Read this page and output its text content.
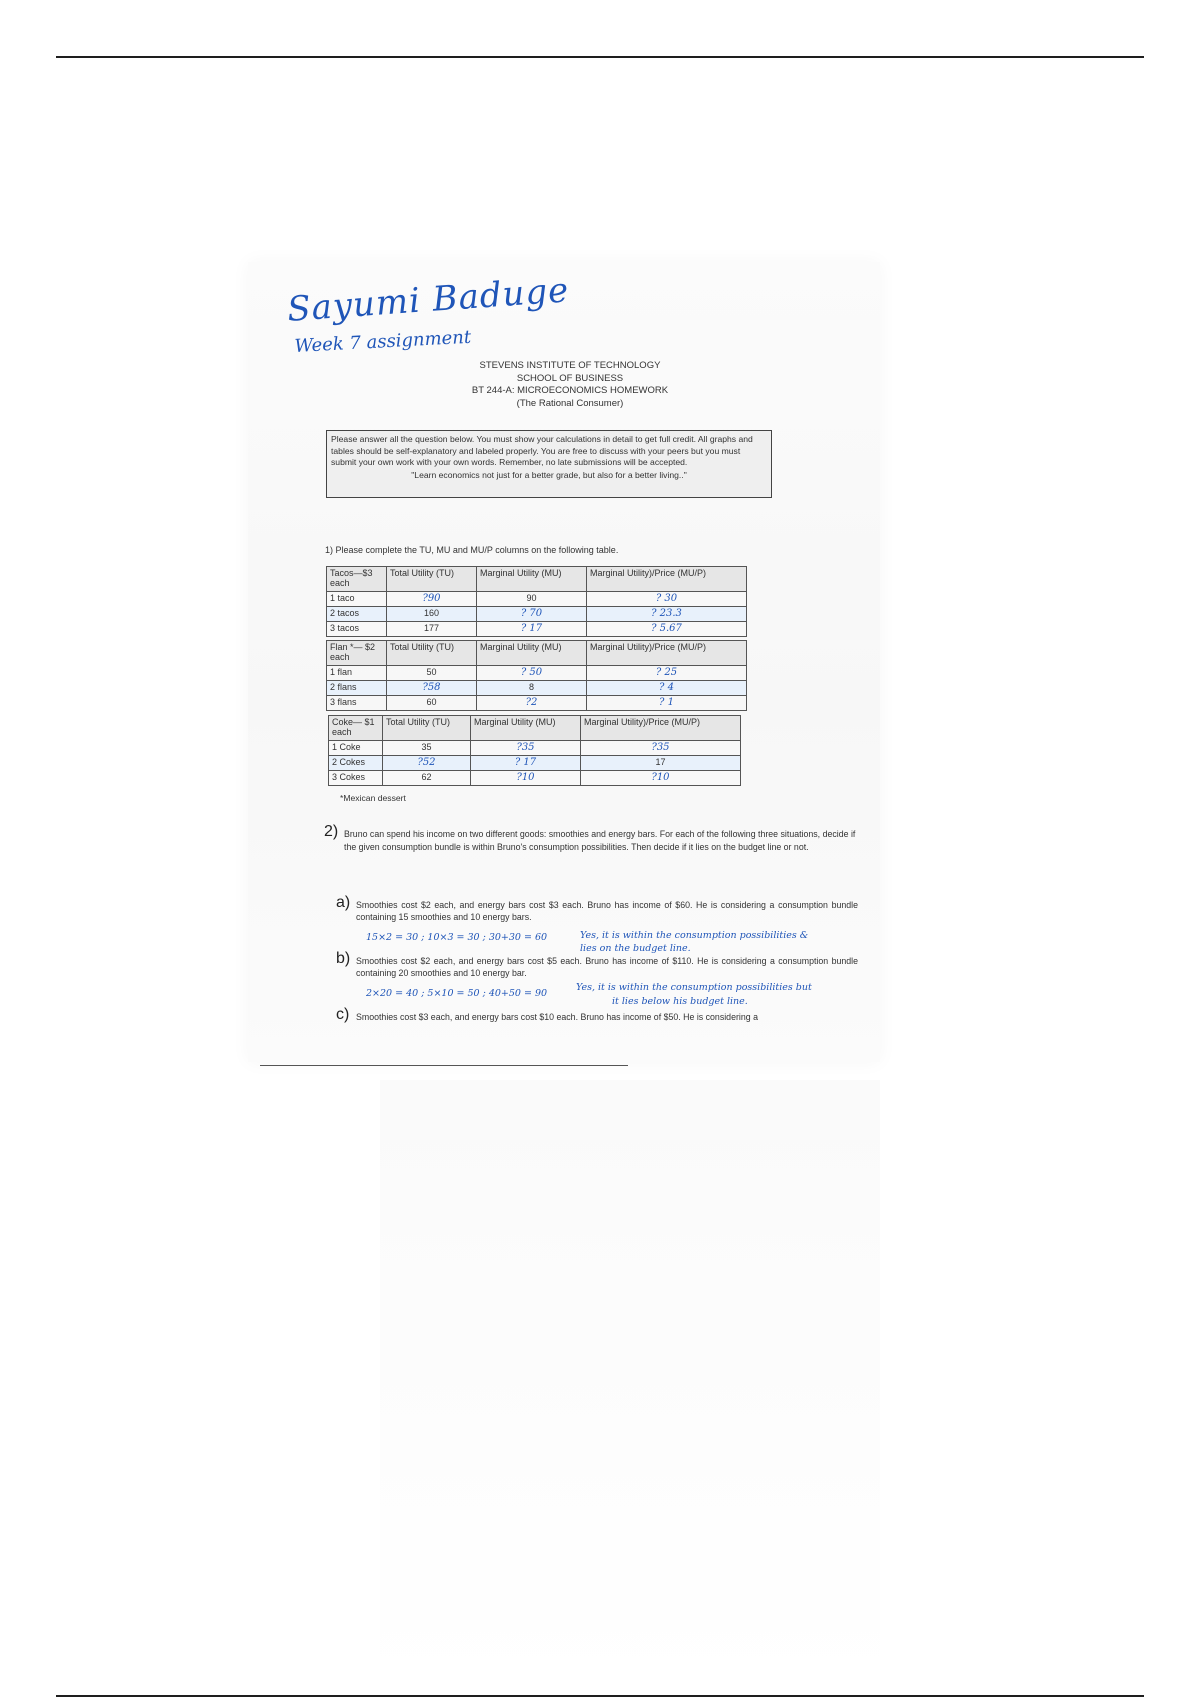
Sayumi Baduge
Week 7 assignment
STEVENS INSTITUTE OF TECHNOLOGY
SCHOOL OF BUSINESS
BT 244-A: MICROECONOMICS HOMEWORK
(The Rational Consumer)
Please answer all the question below. You must show your calculations in detail to get full credit. All graphs and tables should be self-explanatory and labeled properly. You are free to discuss with your peers but you must submit your own work with your own words. Remember, no late submissions will be accepted.
"Learn economics not just for a better grade, but also for a better living.."
1) Please complete the TU, MU and MU/P columns on the following table.
Tacos—$3 each	Total Utility (TU)	Marginal Utility (MU)	Marginal Utility)/Price (MU/P)
1 taco	?90	90	? 30
2 tacos	160	? 70	? 23.3
3 tacos	177	? 17	? 5.67
Flan *— $2 each	Total Utility (TU)	Marginal Utility (MU)	Marginal Utility)/Price (MU/P)
1 flan	50	? 50	? 25
2 flans	?58	8	? 4
3 flans	60	?2	? 1
Coke— $1 each	Total Utility (TU)	Marginal Utility (MU)	Marginal Utility)/Price (MU/P)
1 Coke	35	?35	?35
2 Cokes	?52	? 17	17
3 Cokes	62	?10	?10
*Mexican dessert
2) Bruno can spend his income on two different goods: smoothies and energy bars. For each of the following three situations, decide if the given consumption bundle is within Bruno's consumption possibilities. Then decide if it lies on the budget line or not.
a) Smoothies cost $2 each, and energy bars cost $3 each. Bruno has income of $60. He is considering a consumption bundle containing 15 smoothies and 10 energy bars.
15×2 = 30 ; 10×3 = 30 ; 30+30 = 60	Yes, it is within the consumption possibilities &
lies on the budget line.
b) Smoothies cost $2 each, and energy bars cost $5 each. Bruno has income of $110. He is considering a consumption bundle containing 20 smoothies and 10 energy bar.
2×20 = 40 ; 5×10 = 50 ; 40+50 = 90
Yes, it is within the consumption possibilities but
it lies below his budget line.
c) Smoothies cost $3 each, and energy bars cost $10 each. Bruno has income of $50. He is considering a
